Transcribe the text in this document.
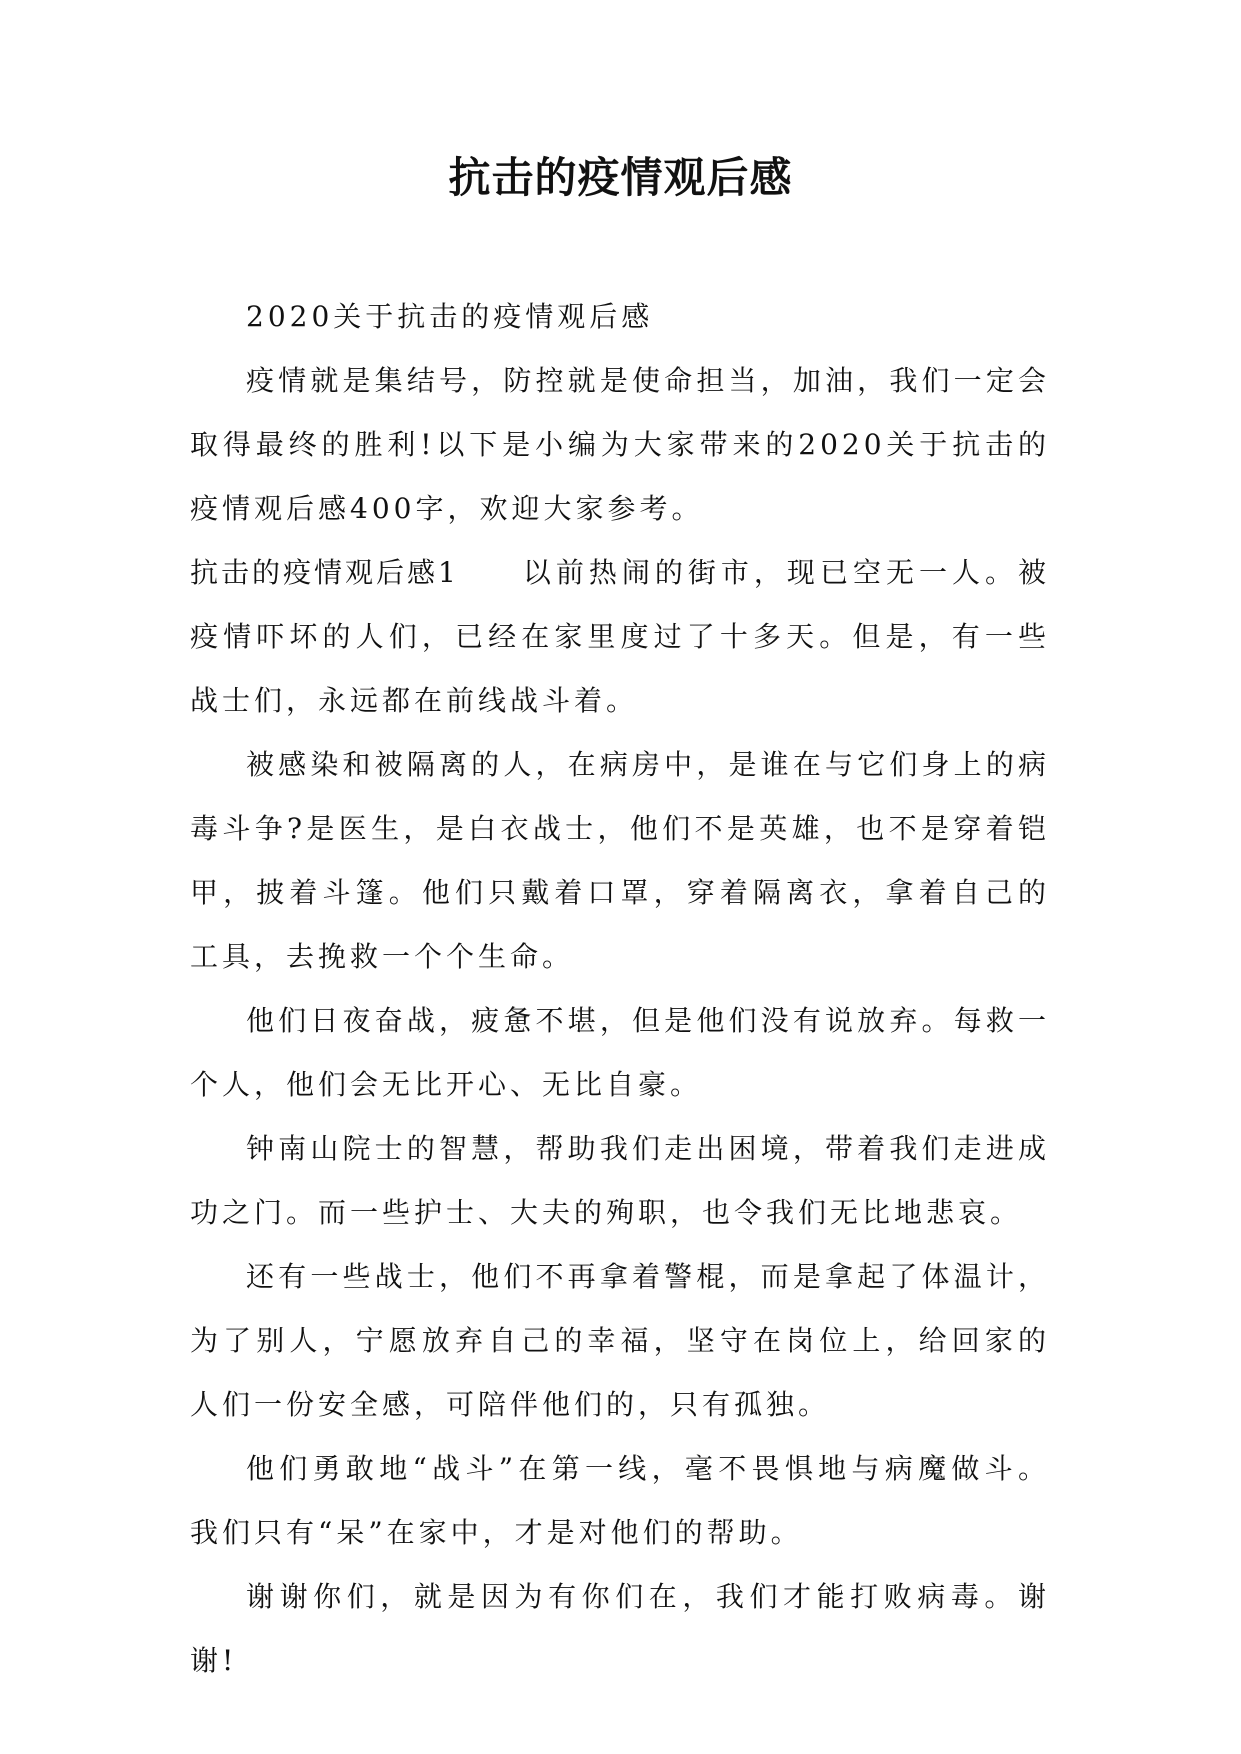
抗击的疫情观后感

2020关于抗击的疫情观后感

疫情就是集结号，防控就是使命担当，加油，我们一定会取得最终的胜利!以下是小编为大家带来的2020关于抗击的疫情观后感400字，欢迎大家参考。

抗击的疫情观后感1 以前热闹的街市，现已空无一人。被疫情吓坏的人们，已经在家里度过了十多天。但是，有一些战士们，永远都在前线战斗着。

被感染和被隔离的人，在病房中，是谁在与它们身上的病毒斗争?是医生，是白衣战士，他们不是英雄，也不是穿着铠甲，披着斗篷。他们只戴着口罩，穿着隔离衣，拿着自己的工具，去挽救一个个生命。

他们日夜奋战，疲惫不堪，但是他们没有说放弃。每救一个人，他们会无比开心、无比自豪。

钟南山院士的智慧，帮助我们走出困境，带着我们走进成功之门。而一些护士、大夫的殉职，也令我们无比地悲哀。

还有一些战士，他们不再拿着警棍，而是拿起了体温计，为了别人，宁愿放弃自己的幸福，坚守在岗位上，给回家的人们一份安全感，可陪伴他们的，只有孤独。

他们勇敢地“战斗”在第一线，毫不畏惧地与病魔做斗。我们只有“呆”在家中，才是对他们的帮助。

谢谢你们，就是因为有你们在，我们才能打败病毒。谢谢!
